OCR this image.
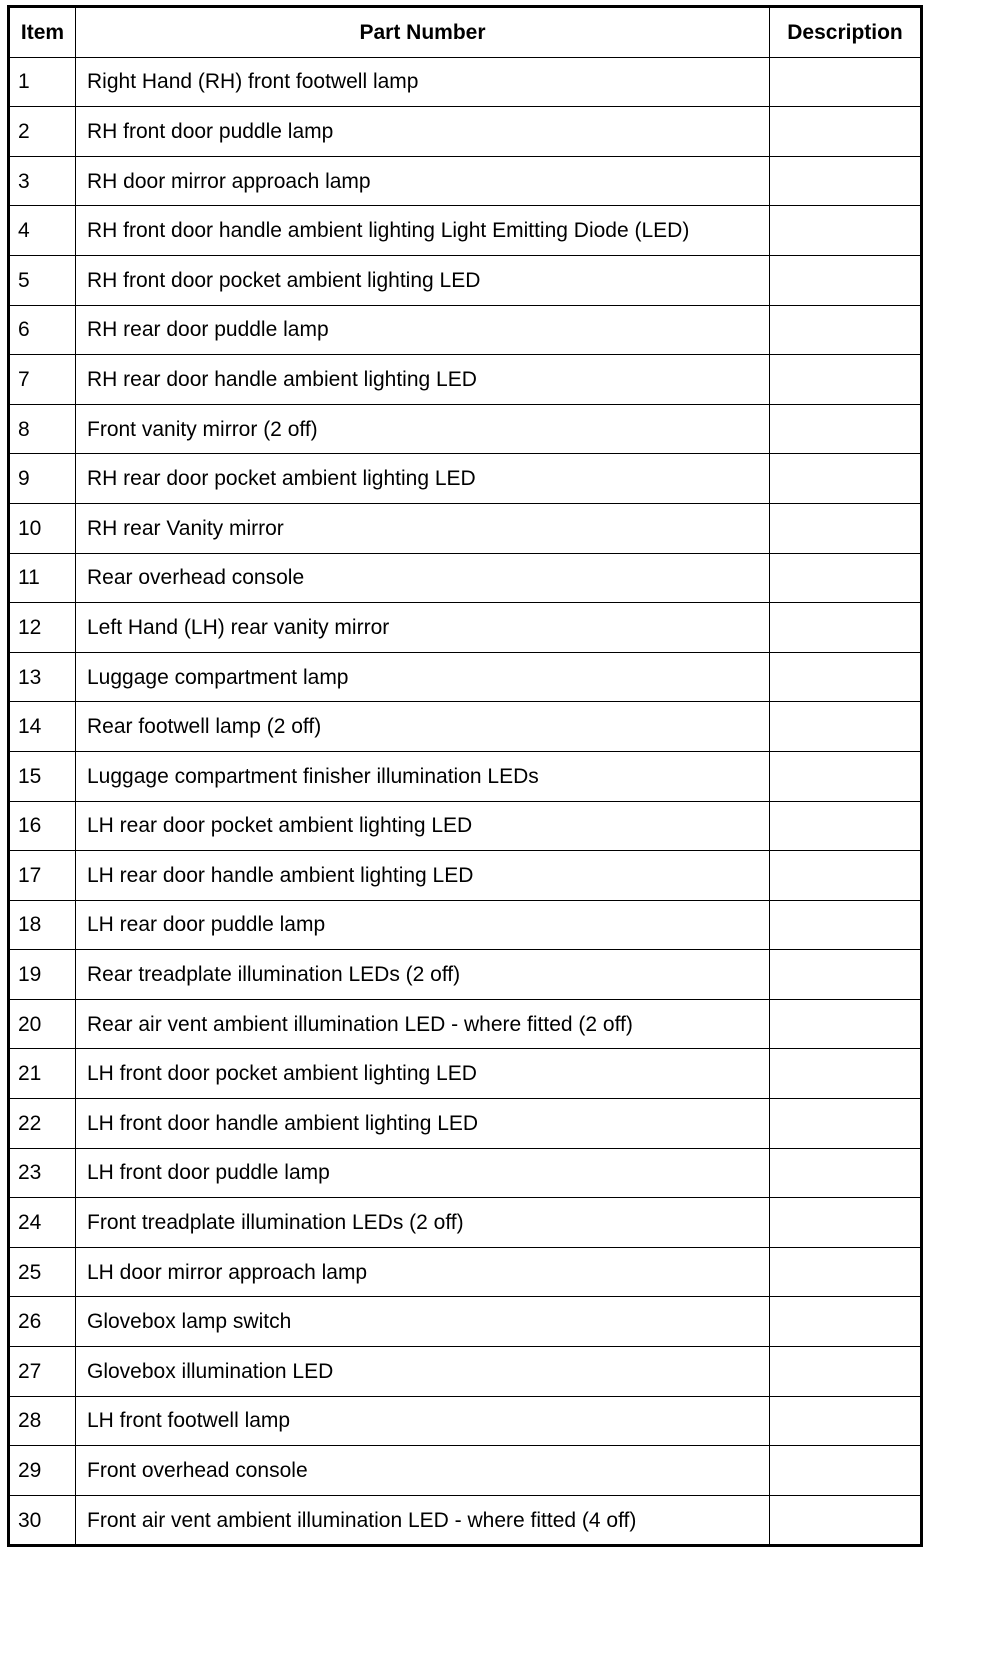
Item	Part Number	Description
1	Right Hand (RH) front footwell lamp	
2	RH front door puddle lamp	
3	RH door mirror approach lamp	
4	RH front door handle ambient lighting Light Emitting Diode (LED)	
5	RH front door pocket ambient lighting LED	
6	RH rear door puddle lamp	
7	RH rear door handle ambient lighting LED	
8	Front vanity mirror (2 off)	
9	RH rear door pocket ambient lighting LED	
10	RH rear Vanity mirror	
11	Rear overhead console	
12	Left Hand (LH) rear vanity mirror	
13	Luggage compartment lamp	
14	Rear footwell lamp (2 off)	
15	Luggage compartment finisher illumination LEDs	
16	LH rear door pocket ambient lighting LED	
17	LH rear door handle ambient lighting LED	
18	LH rear door puddle lamp	
19	Rear treadplate illumination LEDs (2 off)	
20	Rear air vent ambient illumination LED - where fitted (2 off)	
21	LH front door pocket ambient lighting LED	
22	LH front door handle ambient lighting LED	
23	LH front door puddle lamp	
24	Front treadplate illumination LEDs (2 off)	
25	LH door mirror approach lamp	
26	Glovebox lamp switch	
27	Glovebox illumination LED	
28	LH front footwell lamp	
29	Front overhead console	
30	Front air vent ambient illumination LED - where fitted (4 off)	
